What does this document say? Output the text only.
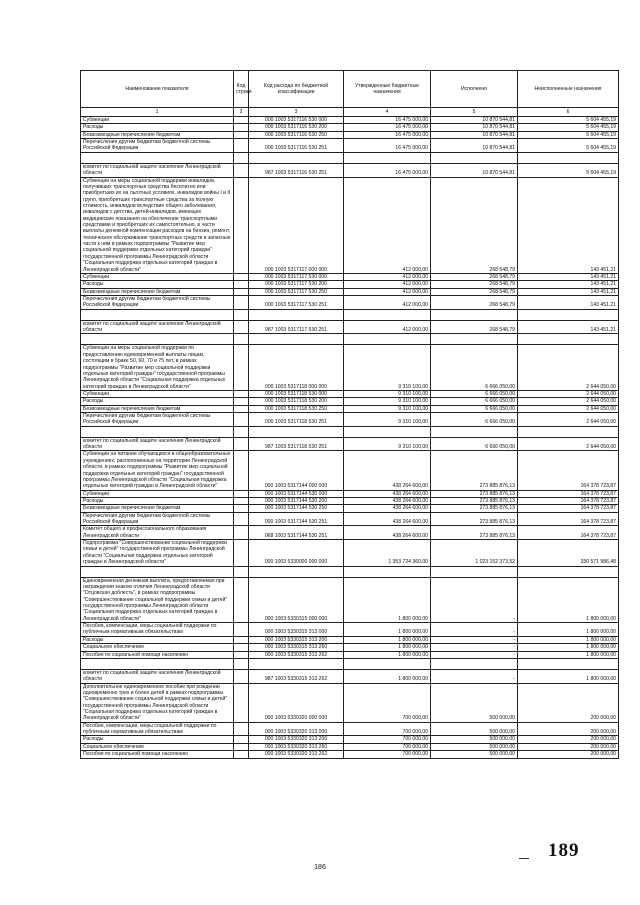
Наименование показателя	Код строки	Код расхода по бюджетной классификации	Утвержденные бюджетные назначения	Исполнено	Неисполненные назначения
1	2	3	4	5	6
Субвенции		000 1003 5317116 530 000	16 475 000,00	10 870 544,81	5 604 455,19
Расходы		000 1003 5317116 530 200	16 475 000,00	10 870 544,81	5 604 455,19
Безвозмездные перечисления бюджетам		000 1003 5317116 530 250	16 475 000,00	10 870 544,81	5 604 455,19
Перечисления другим бюджетам бюджетной системы Российской Федерации		000 1003 5317116 530 251	16 475 000,00	10 870 544,81	5 604 455,19

комитет по социальной защите населения Ленинградской области		987 1003 5317116 530 251	16 475 000,00	10 870 544,81	5 604 455,19
Субвенции на меры социальной поддержки инвалидов, получивших транспортные средства бесплатно или приобретших их на льготных условиях, инвалидов войны I и II групп, приобретших транспортные средства за полную стоимость, инвалидов вследствие общего заболевания, инвалидов с детства, детей-инвалидов, имеющих медицинские показания на обеспечение транспортными средствами и приобретших их самостоятельно, в части выплаты денежной компенсации расходов на бензин, ремонт, техническое обслуживание транспортных средств и запасные части к ним в рамках подпрограммы "Развитие мер социальной поддержки отдельных категорий граждан" государственной программы Ленинградской области "Социальная поддержка отдельных категорий граждан в Ленинградской области"		000 1003 5317117 000 000	412 000,00	268 548,79	143 451,21
Субвенции		000 1003 5317117 530 000	412 000,00	268 548,79	143 451,21
Расходы		000 1003 5317117 530 200	412 000,00	268 548,79	143 451,21
Безвозмездные перечисления бюджетам		000 1003 5317117 530 250	412 000,00	268 548,79	143 451,21
Перечисления другим бюджетам бюджетной системы Российской Федерации		000 1003 5317117 530 251	412 000,00	268 548,79	143 451,21

комитет по социальной защите населения Ленинградской области		987 1003 5317117 530 251	412 000,00	268 548,79	143 451,21

Субвенции на меры социальной поддержки по предоставлению единовременной выплаты лицам, состоящим в браке 50, 60, 70 и 75 лет, в рамках подпрограммы "Развитие мер социальной поддержки отдельных категорий граждан" государственной программы Ленинградской области "Социальная поддержка отдельных категорий граждан в Ленинградской области"		000 1003 5317118 000 000	9 310 100,00	6 666 050,00	2 644 050,00
Субвенции		000 1003 5317118 530 000	9 310 100,00	6 666 050,00	2 644 050,00
Расходы		000 1003 5317118 530 200	9 310 100,00	6 666 050,00	2 644 050,00
Безвозмездные перечисления бюджетам		000 1003 5317118 530 250	9 310 100,00	6 666 050,00	2 644 050,00
Перечисления другим бюджетам бюджетной системы Российской Федерации		000 1003 5317118 530 251	9 310 100,00	6 666 050,00	2 644 050,00

комитет по социальной защите населения Ленинградской области		987 1003 5317118 530 251	9 310 100,00	6 666 050,00	2 644 050,00
Субвенции на питание обучающихся в общеобразовательных учреждениях, расположенных на территории Ленинградской области, в рамках подпрограммы "Развитие мер социальной поддержки отдельных категорий граждан" государственной программы Ленинградской области "Социальная поддержка отдельных категорий граждан в Ленинградской области"		000 1003 5317144 000 000	438 264 600,00	273 885 876,13	164 378 723,87
Субвенции		000 1003 5317144 530 000	438 264 600,00	273 885 876,13	164 378 723,87
Расходы		000 1003 5317144 530 200	438 264 600,00	273 885 876,13	164 378 723,87
Безвозмездные перечисления бюджетам		000 1003 5317144 530 250	438 264 600,00	273 885 876,13	164 378 723,87
Перечисления другим бюджетам бюджетной системы Российской Федерации		000 1003 5317144 530 251	438 264 600,00	273 885 876,13	164 378 723,87
Комитет общего и профессионального образования Ленинградской области		068 1003 5317144 530 251	438 264 600,00	273 885 876,13	164 378 723,87
Подпрограмма "Совершенствование социальной поддержки семьи и детей" государственной программы Ленинградской области "Социальная поддержка отдельных категорий граждан в Ленинградской области"		000 1003 5330000 000 000	1 353 724 360,00	1 023 152 373,52	330 571 986,48

Единовременная денежная выплата, предоставляемая при награждении знаком отличия Ленинградской области "Отцовская доблесть", в рамках подпрограммы "Совершенствование социальной поддержки семьи и детей" государственной программы Ленинградской области "Социальная поддержка отдельных категорий граждан в Ленинградской области"		000 1003 5330315 000 000	1 800 000,00	-	1 800 000,00
Пособия, компенсации, меры социальной поддержки по публичным нормативным обязательствам		000 1003 5330315 313 000	1 800 000,00	-	1 800 000,00
Расходы		000 1003 5330315 313 200	1 800 000,00	-	1 800 000,00
Социальное обеспечение		000 1003 5330315 313 260	1 800 000,00	-	1 800 000,00
Пособия по социальной помощи населению		000 1003 5330315 313 262	1 800 000,00	-	1 800 000,00

комитет по социальной защите населения Ленинградской области		987 1003 5330315 313 262	1 800 000,00	-	1 800 000,00
Дополнительное единовременное пособие при рождении одновременно трех и более детей в рамках подпрограммы "Совершенствование социальной поддержки семьи и детей" государственной программы Ленинградской области "Социальная поддержка отдельных категорий граждан в Ленинградской области"		000 1003 5330320 000 000	700 000,00	500 000,00	200 000,00
Пособия, компенсации, меры социальной поддержки по публичным нормативным обязательствам		000 1003 5330320 313 000	700 000,00	500 000,00	200 000,00
Расходы		000 1003 5330320 313 200	700 000,00	500 000,00	200 000,00
Социальное обеспечение		000 1003 5330320 313 260	700 000,00	500 000,00	200 000,00
Пособия по социальной помощи населению		000 1003 5330320 313 262	700 000,00	500 000,00	200 000,00
186
189
